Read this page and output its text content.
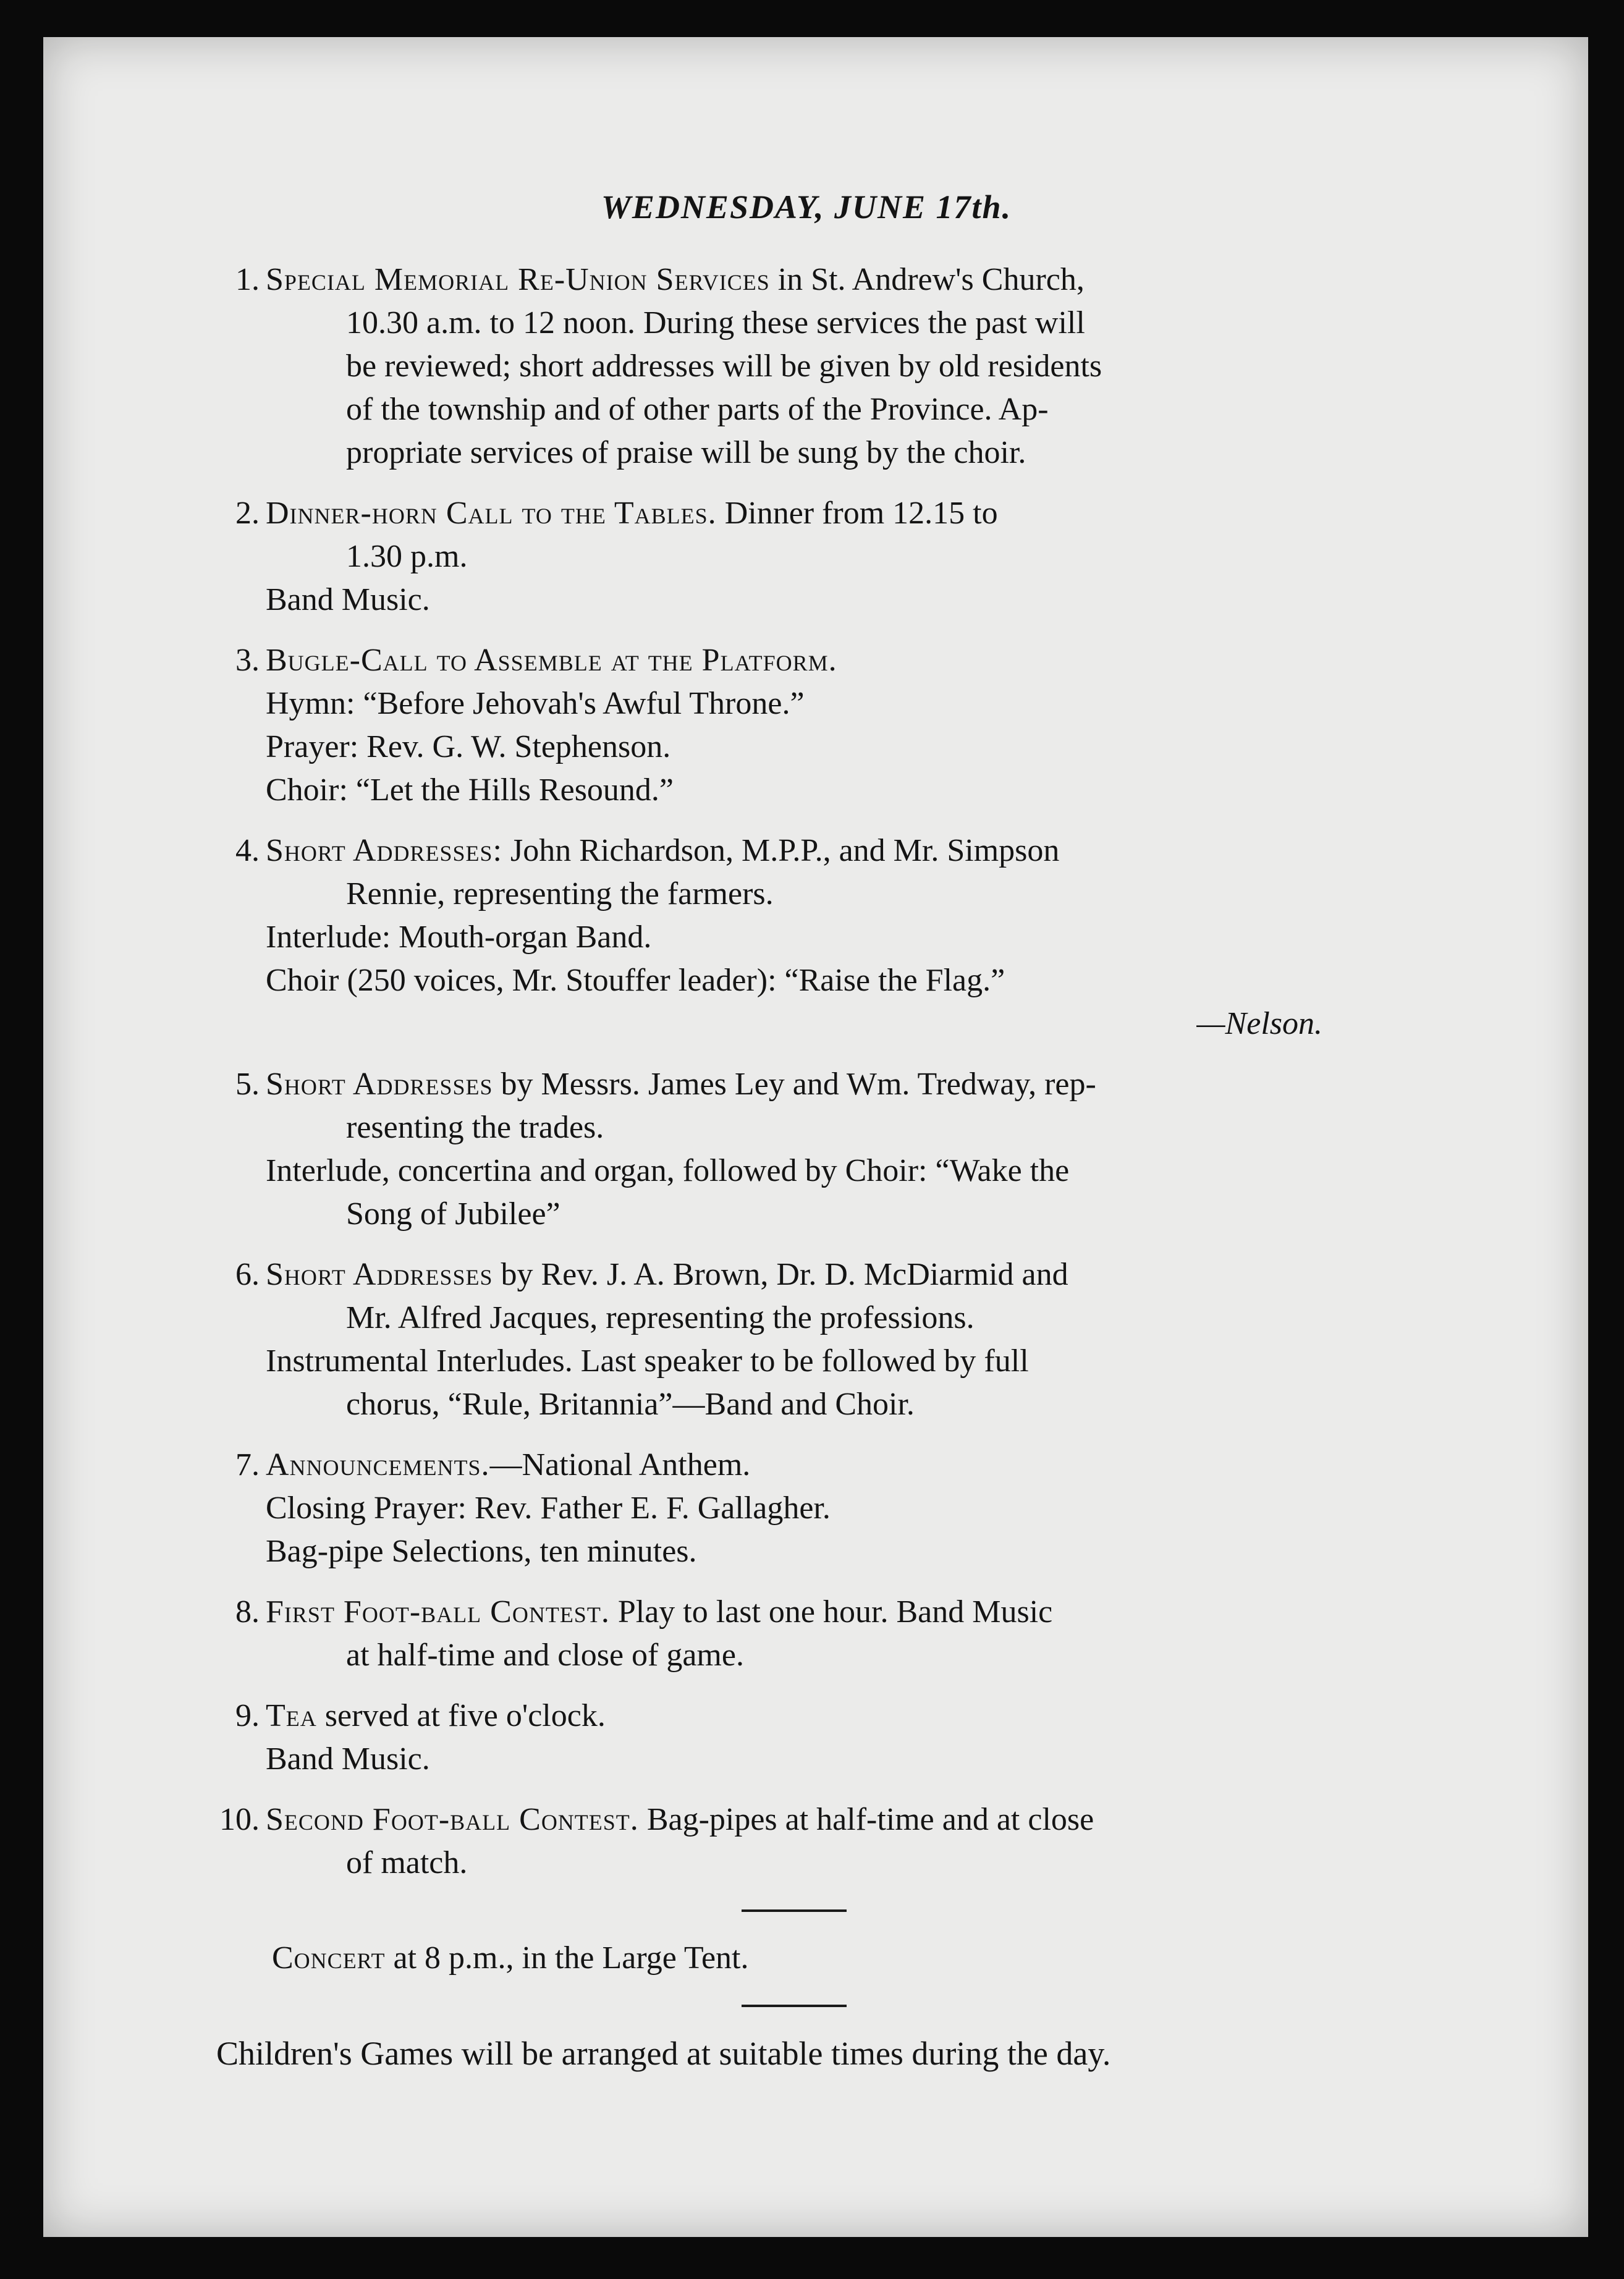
WEDNESDAY, JUNE 17th.
1. Special Memorial Re-Union Services in St. Andrew's Church,
10.30 a.m. to 12 noon. During these services the past will
be reviewed; short addresses will be given by old residents
of the township and of other parts of the Province. Ap-
propriate services of praise will be sung by the choir.
2. Dinner-horn Call to the Tables. Dinner from 12.15 to
1.30 p.m.
Band Music.
3. Bugle-Call to Assemble at the Platform.
Hymn: “Before Jehovah's Awful Throne.”
Prayer: Rev. G. W. Stephenson.
Choir: “Let the Hills Resound.”
4. Short Addresses: John Richardson, M.P.P., and Mr. Simpson
Rennie, representing the farmers.
Interlude: Mouth-organ Band.
Choir (250 voices, Mr. Stouffer leader): “Raise the Flag.”
—Nelson.
5. Short Addresses by Messrs. James Ley and Wm. Tredway, rep-
resenting the trades.
Interlude, concertina and organ, followed by Choir: “Wake the
Song of Jubilee”
6. Short Addresses by Rev. J. A. Brown, Dr. D. McDiarmid and
Mr. Alfred Jacques, representing the professions.
Instrumental Interludes. Last speaker to be followed by full
chorus, “Rule, Britannia”—Band and Choir.
7. Announcements.—National Anthem.
Closing Prayer: Rev. Father E. F. Gallagher.
Bag-pipe Selections, ten minutes.
8. First Foot-ball Contest. Play to last one hour. Band Music
at half-time and close of game.
9. Tea served at five o'clock.
Band Music.
10. Second Foot-ball Contest. Bag-pipes at half-time and at close
of match.
Concert at 8 p.m., in the Large Tent.
Children's Games will be arranged at suitable times during the day.
